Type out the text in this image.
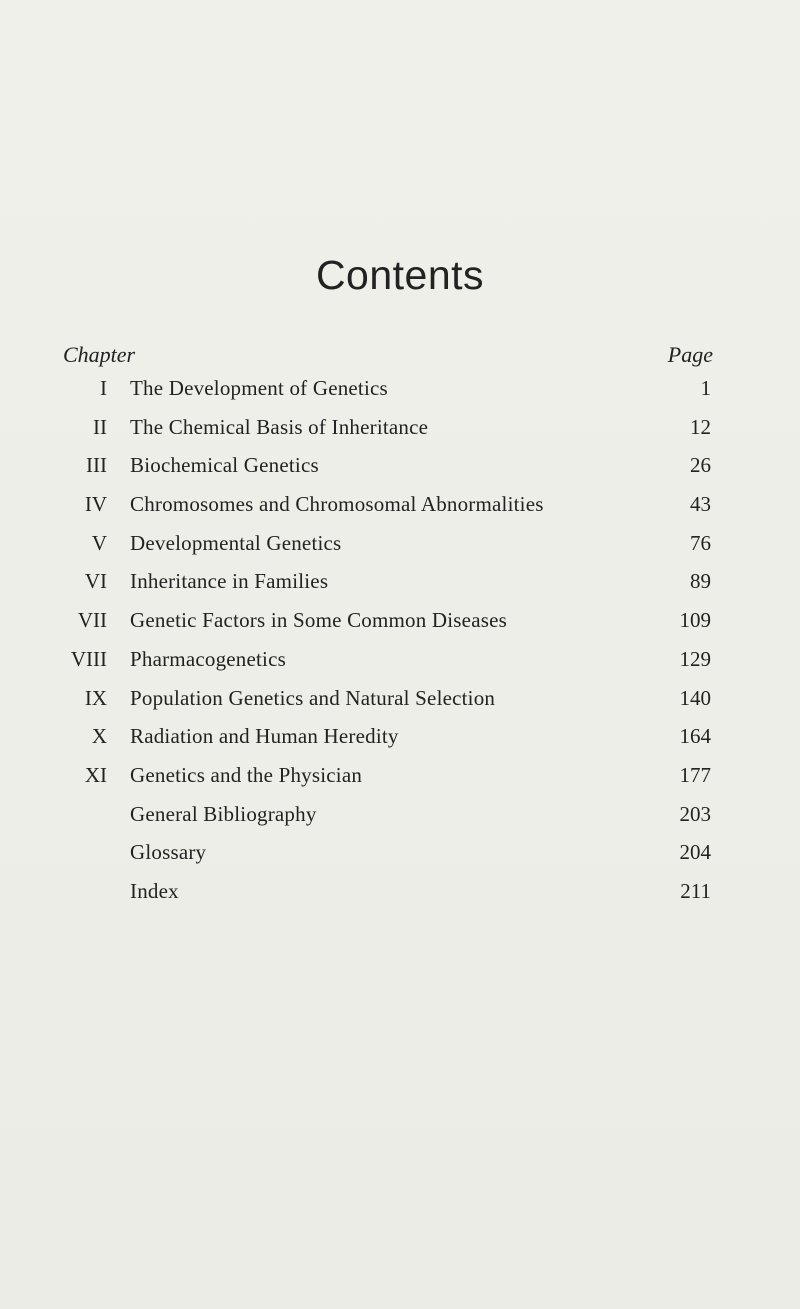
Contents
Chapter	Page
I The Development of Genetics	1
II The Chemical Basis of Inheritance	12
III Biochemical Genetics	26
IV Chromosomes and Chromosomal Abnormalities	43
V Developmental Genetics	76
VI Inheritance in Families	89
VII Genetic Factors in Some Common Diseases	109
VIII Pharmacogenetics	129
IX Population Genetics and Natural Selection	140
X Radiation and Human Heredity	164
XI Genetics and the Physician	177
General Bibliography	203
Glossary	204
Index	211
